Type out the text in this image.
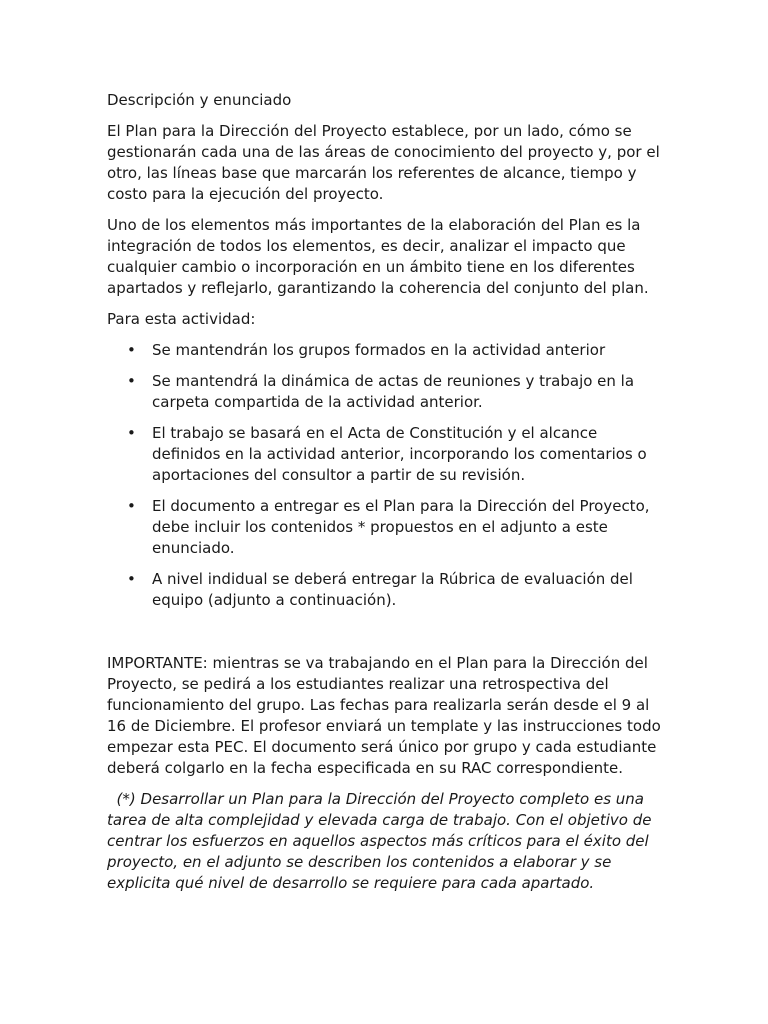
Descripción y enunciado

El Plan para la Dirección del Proyecto establece, por un lado, cómo se gestionarán cada una de las áreas de conocimiento del proyecto y, por el otro, las líneas base que marcarán los referentes de alcance, tiempo y costo para la ejecución del proyecto.

Uno de los elementos más importantes de la elaboración del Plan es la integración de todos los elementos, es decir, analizar el impacto que cualquier cambio o incorporación en un ámbito tiene en los diferentes apartados y reflejarlo, garantizando la coherencia del conjunto del plan.

Para esta actividad:

• Se mantendrán los grupos formados en la actividad anterior
• Se mantendrá la dinámica de actas de reuniones y trabajo en la carpeta compartida de la actividad anterior.
• El trabajo se basará en el Acta de Constitución y el alcance definidos en la actividad anterior, incorporando los comentarios o aportaciones del consultor a partir de su revisión.
• El documento a entregar es el Plan para la Dirección del Proyecto, debe incluir los contenidos * propuestos en el adjunto a este enunciado.
• A nivel indidual se deberá entregar la Rúbrica de evaluación del equipo (adjunto a continuación).

IMPORTANTE: mientras se va trabajando en el Plan para la Dirección del Proyecto, se pedirá a los estudiantes realizar una retrospectiva del funcionamiento del grupo. Las fechas para realizarla serán desde el 9 al 16 de Diciembre. El profesor enviará un template y las instrucciones todo empezar esta PEC. El documento será único por grupo y cada estudiante deberá colgarlo en la fecha especificada en su RAC correspondiente.

(*) Desarrollar un Plan para la Dirección del Proyecto completo es una tarea de alta complejidad y elevada carga de trabajo. Con el objetivo de centrar los esfuerzos en aquellos aspectos más críticos para el éxito del proyecto, en el adjunto se describen los contenidos a elaborar y se explicita qué nivel de desarrollo se requiere para cada apartado.
